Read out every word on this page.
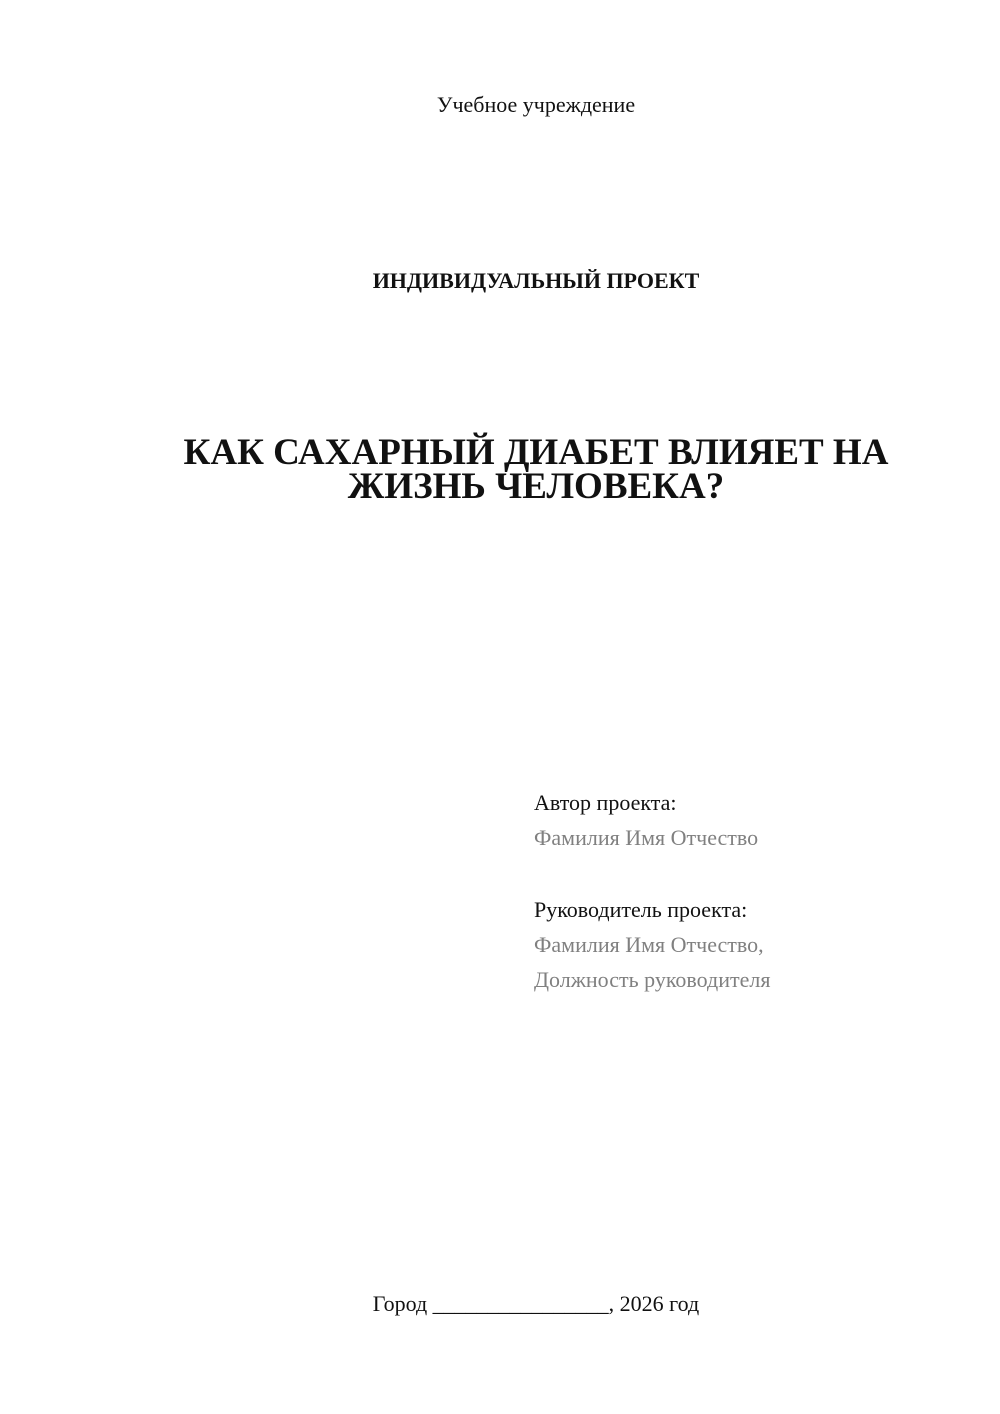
Учебное учреждение
ИНДИВИДУАЛЬНЫЙ ПРОЕКТ
КАК САХАРНЫЙ ДИАБЕТ ВЛИЯЕТ НА
ЖИЗНЬ ЧЕЛОВЕКА?
Автор проекта:
Фамилия Имя Отчество
Руководитель проекта:
Фамилия Имя Отчество,
Должность руководителя
Город ________________, 2026 год
